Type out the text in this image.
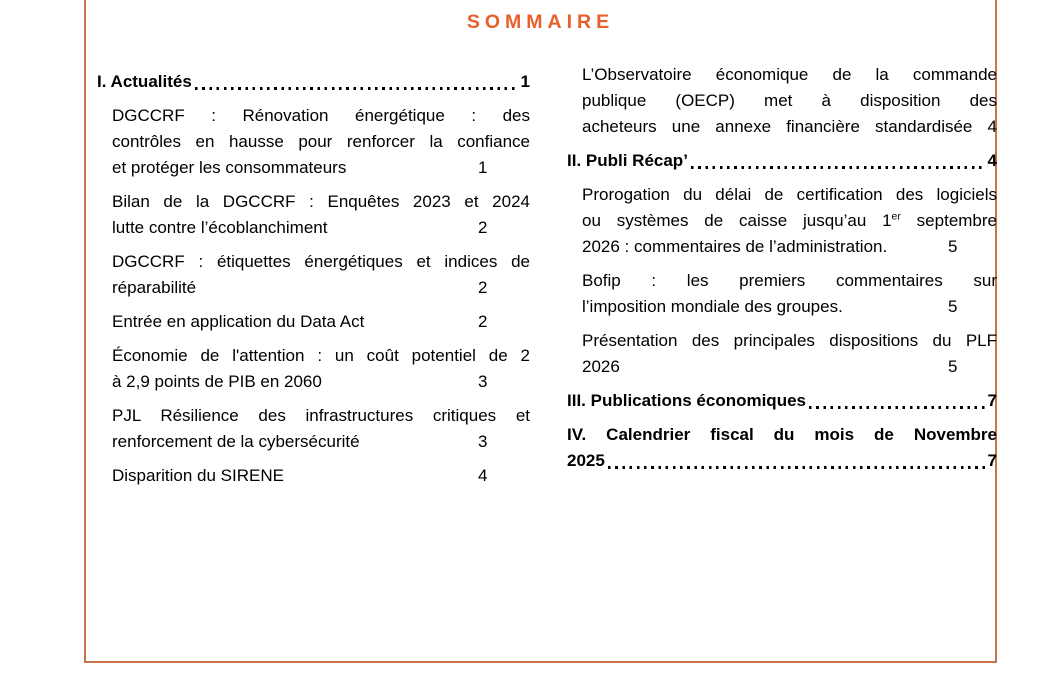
SOMMAIRE
I. Actualités	1
DGCCRF : Rénovation énergétique : des
contrôles en hausse pour renforcer la confiance
et protéger les consommateurs	1
Bilan de la DGCCRF : Enquêtes 2023 et 2024
lutte contre l’écoblanchiment	2
DGCCRF : étiquettes énergétiques et indices de
réparabilité	2
Entrée en application du Data Act	2
Économie de l'attention : un coût potentiel de 2
à 2,9 points de PIB en 2060	3
PJL Résilience des infrastructures critiques et
renforcement de la cybersécurité	3
Disparition du SIRENE	4
L’Observatoire économique de la commande
publique (OECP) met à disposition des
acheteurs une annexe financière standardisée 4
II. Publi Récap’	4
Prorogation du délai de certification des logiciels
ou systèmes de caisse jusqu’au 1er septembre
2026 : commentaires de l’administration.	5
Bofip : les premiers commentaires sur
l’imposition mondiale des groupes.	5
Présentation des principales dispositions du PLF
2026	5
III. Publications économiques	7
IV. Calendrier fiscal du mois de Novembre
2025	7
